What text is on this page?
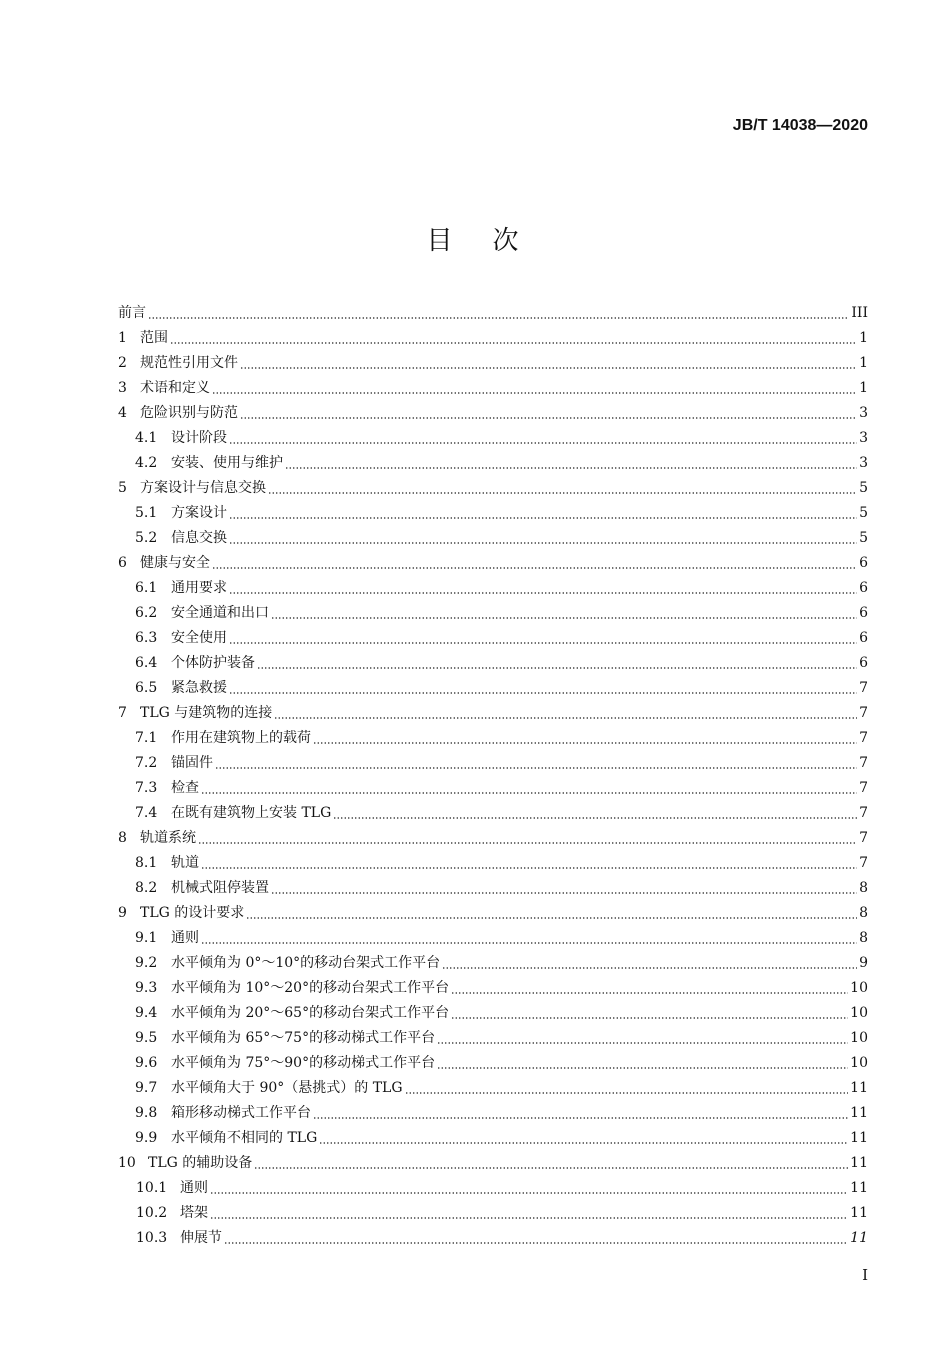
JB/T 14038—2020
目次
前言	III
1 范围	1
2 规范性引用文件	1
3 术语和定义	1
4 危险识别与防范	3
4.1 设计阶段	3
4.2 安装、使用与维护	3
5 方案设计与信息交换	5
5.1 方案设计	5
5.2 信息交换	5
6 健康与安全	6
6.1 通用要求	6
6.2 安全通道和出口	6
6.3 安全使用	6
6.4 个体防护装备	6
6.5 紧急救援	7
7 TLG 与建筑物的连接	7
7.1 作用在建筑物上的载荷	7
7.2 锚固件	7
7.3 检查	7
7.4 在既有建筑物上安装 TLG	7
8 轨道系统	7
8.1 轨道	7
8.2 机械式阻停装置	8
9 TLG 的设计要求	8
9.1 通则	8
9.2 水平倾角为 0°～10°的移动台架式工作平台	9
9.3 水平倾角为 10°～20°的移动台架式工作平台	10
9.4 水平倾角为 20°～65°的移动台架式工作平台	10
9.5 水平倾角为 65°～75°的移动梯式工作平台	10
9.6 水平倾角为 75°～90°的移动梯式工作平台	10
9.7 水平倾角大于 90°（悬挑式）的 TLG	11
9.8 箱形移动梯式工作平台	11
9.9 水平倾角不相同的 TLG	11
10 TLG 的辅助设备	11
10.1 通则	11
10.2 塔架	11
10.3 伸展节	11
I
